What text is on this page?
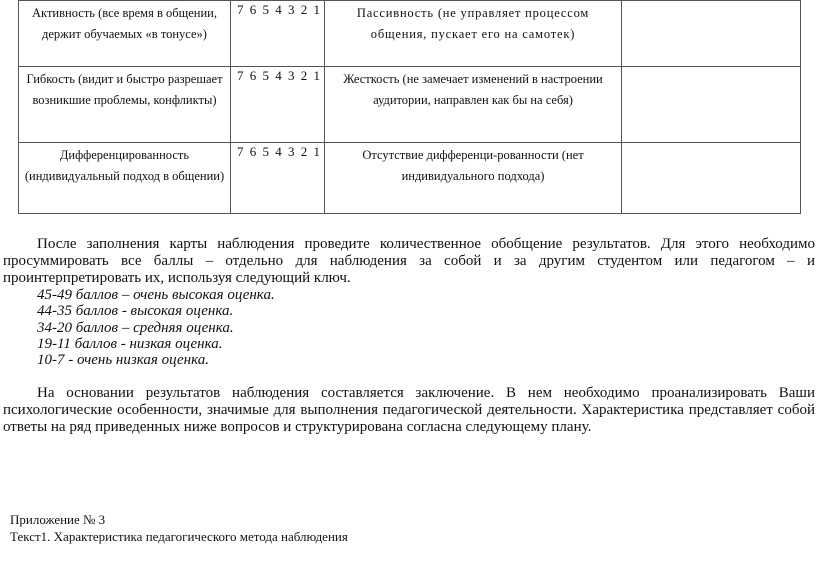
Активность (все время в общении, держит обучаемых «в тонусе»)	7 6 5 4 3 2 1	Пассивность (не управляет процессом общения, пускает его на самотек)	

Гибкость (видит и быстро разрешает возникшие проблемы, конфликты)	7 6 5 4 3 2 1	Жесткость (не замечает изменений в настроении аудитории, направлен как бы на себя)	

Дифференцированность (индивидуальный подход в общении)	7 6 5 4 3 2 1	Отсутствие дифференци-рованности (нет индивидуального подхода)	

После заполнения карты наблюдения проведите количественное обобщение результатов. Для этого необходимо просуммировать все баллы – отдельно для наблюдения за собой и за другим студентом или педагогом – и проинтерпретировать их, используя следующий ключ.

45-49 баллов – очень высокая оценка.
44-35 баллов - высокая оценка.
34-20 баллов – средняя оценка.
19-11 баллов - низкая оценка.
10-7 - очень низкая оценка.

На основании результатов наблюдения составляется заключение. В нем необходимо проанализировать Ваши психологические особенности, значимые для выполнения педагогической деятельности. Характеристика представляет собой ответы на ряд приведенных ниже вопросов и структурирована согласна следующему плану.

Приложение № 3
Текст1. Характеристика педагогического метода наблюдения
